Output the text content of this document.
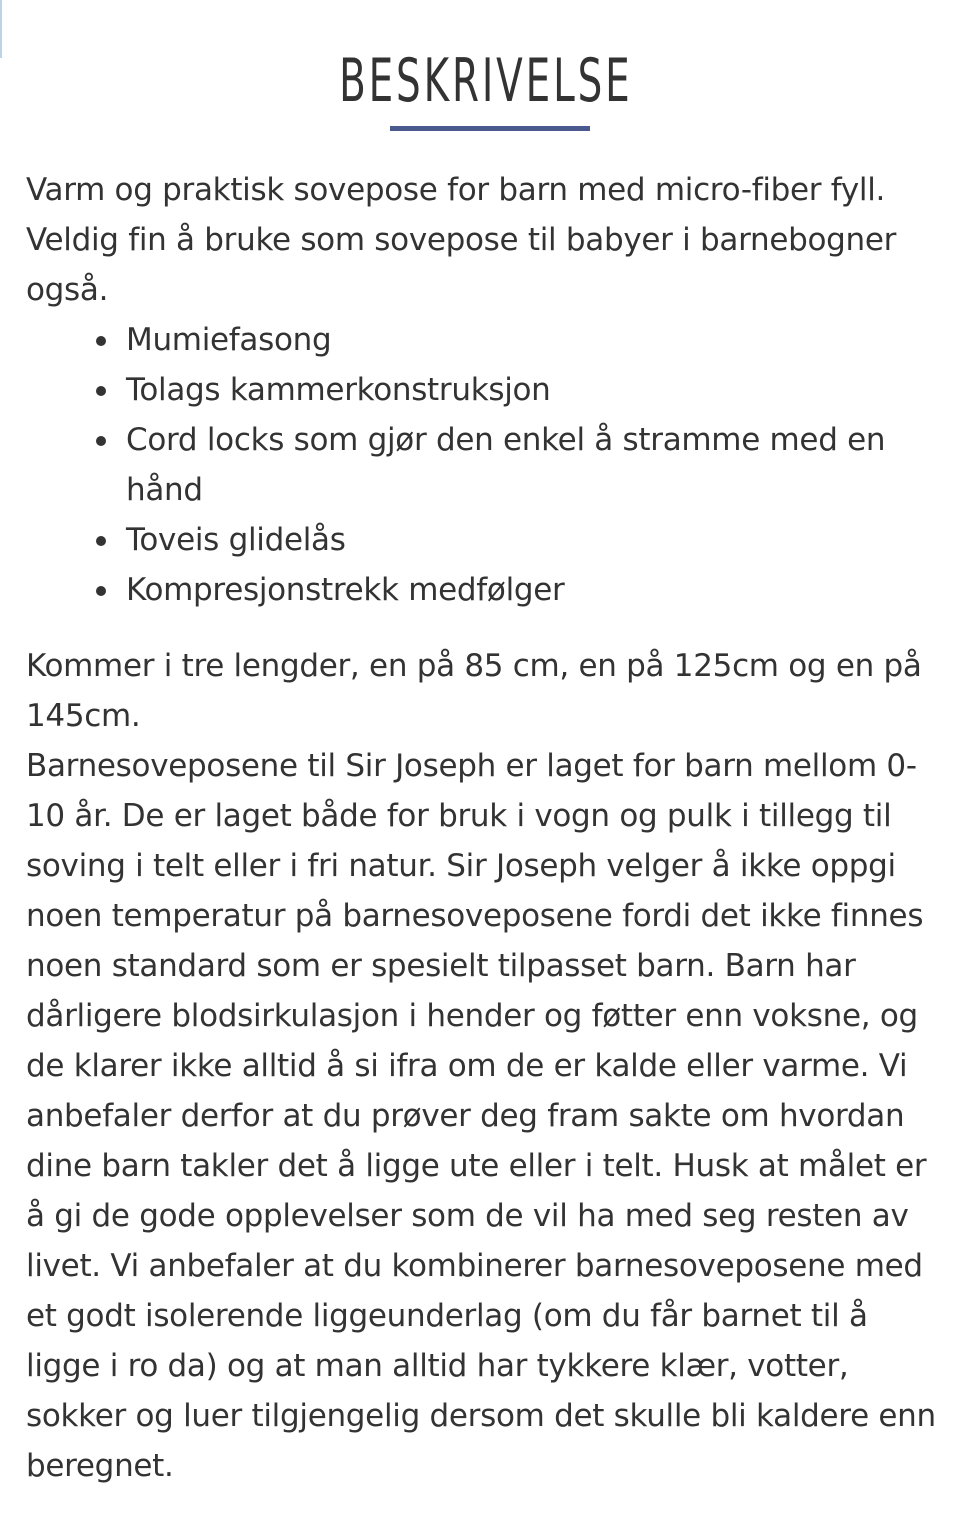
BESKRIVELSE

Varm og praktisk sovepose for barn med micro-fiber fyll. Veldig fin å bruke som sovepose til babyer i barnebogner også.

Mumiefasong
Tolags kammerkonstruksjon
Cord locks som gjør den enkel å stramme med en hånd
Toveis glidelås
Kompresjonstrekk medfølger

Kommer i tre lengder, en på 85 cm, en på 125cm og en på 145cm.

Barnesoveposene til Sir Joseph er laget for barn mellom 0-10 år. De er laget både for bruk i vogn og pulk i tillegg til soving i telt eller i fri natur. Sir Joseph velger å ikke oppgi noen temperatur på barnesoveposene fordi det ikke finnes noen standard som er spesielt tilpasset barn. Barn har dårligere blodsirkulasjon i hender og føtter enn voksne, og de klarer ikke alltid å si ifra om de er kalde eller varme. Vi anbefaler derfor at du prøver deg fram sakte om hvordan dine barn takler det å ligge ute eller i telt. Husk at målet er å gi de gode opplevelser som de vil ha med seg resten av livet. Vi anbefaler at du kombinerer barnesoveposene med et godt isolerende liggeunderlag (om du får barnet til å ligge i ro da) og at man alltid har tykkere klær, votter, sokker og luer tilgjengelig dersom det skulle bli kaldere enn beregnet.
